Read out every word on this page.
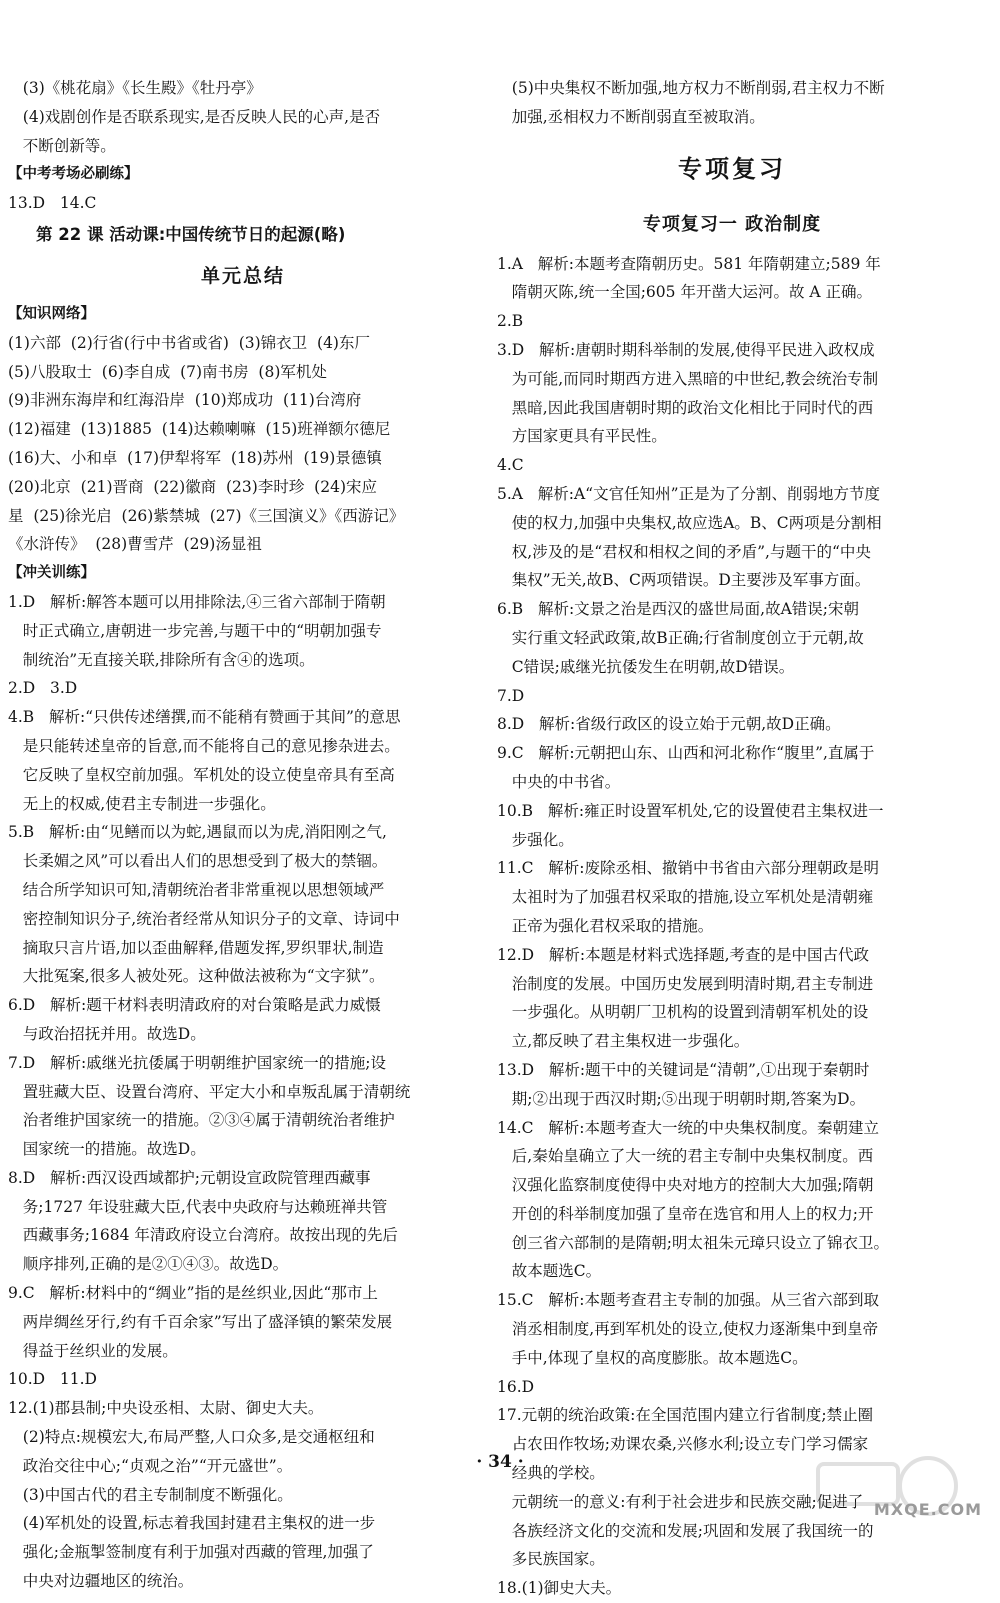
(3)《桃花扇》《长生殿》《牡丹亭》
(4)戏剧创作是否联系现实,是否反映人民的心声,是否
不断创新等。
【中考考场必刷练】
13.D   14.C
第 22 课 活动课:中国传统节日的起源(略)
单元总结
【知识网络】
(1)六部  (2)行省(行中书省或省)  (3)锦衣卫  (4)东厂
(5)八股取士  (6)李自成  (7)南书房  (8)军机处
(9)非洲东海岸和红海沿岸  (10)郑成功  (11)台湾府
(12)福建  (13)1885  (14)达赖喇嘛  (15)班禅额尔德尼
(16)大、小和卓  (17)伊犁将军  (18)苏州  (19)景德镇
(20)北京  (21)晋商  (22)徽商  (23)李时珍  (24)宋应
星  (25)徐光启  (26)紫禁城  (27)《三国演义》《西游记》
《水浒传》  (28)曹雪芹  (29)汤显祖
【冲关训练】
1.D   解析:解答本题可以用排除法,④三省六部制于隋朝
时正式确立,唐朝进一步完善,与题干中的“明朝加强专
制统治”无直接关联,排除所有含④的选项。
2.D   3.D
4.B   解析:“只供传述缮撰,而不能稍有赞画于其间”的意思
是只能转述皇帝的旨意,而不能将自己的意见掺杂进去。
它反映了皇权空前加强。军机处的设立使皇帝具有至高
无上的权威,使君主专制进一步强化。
5.B   解析:由“见鳝而以为蛇,遇鼠而以为虎,消阳刚之气,
长柔媚之风”可以看出人们的思想受到了极大的禁锢。
结合所学知识可知,清朝统治者非常重视以思想领域严
密控制知识分子,统治者经常从知识分子的文章、诗词中
摘取只言片语,加以歪曲解释,借题发挥,罗织罪状,制造
大批冤案,很多人被处死。这种做法被称为“文字狱”。
6.D   解析:题干材料表明清政府的对台策略是武力威慑
与政治招抚并用。故选D。
7.D   解析:戚继光抗倭属于明朝维护国家统一的措施;设
置驻藏大臣、设置台湾府、平定大小和卓叛乱属于清朝统
治者维护国家统一的措施。②③④属于清朝统治者维护
国家统一的措施。故选D。
8.D   解析:西汉设西域都护;元朝设宣政院管理西藏事
务;1727 年设驻藏大臣,代表中央政府与达赖班禅共管
西藏事务;1684 年清政府设立台湾府。故按出现的先后
顺序排列,正确的是②①④③。故选D。
9.C   解析:材料中的“绸业”指的是丝织业,因此“那市上
两岸绸丝牙行,约有千百余家”写出了盛泽镇的繁荣发展
得益于丝织业的发展。
10.D   11.D
12.(1)郡县制;中央设丞相、太尉、御史大夫。
(2)特点:规模宏大,布局严整,人口众多,是交通枢纽和
政治交往中心;“贞观之治”“开元盛世”。
(3)中国古代的君主专制制度不断强化。
(4)军机处的设置,标志着我国封建君主集权的进一步
强化;金瓶掣签制度有利于加强对西藏的管理,加强了
中央对边疆地区的统治。
(5)中央集权不断加强,地方权力不断削弱,君主权力不断
加强,丞相权力不断削弱直至被取消。
专项复习
专项复习一 政治制度
1.A   解析:本题考查隋朝历史。581 年隋朝建立;589 年
隋朝灭陈,统一全国;605 年开凿大运河。故 A 正确。
2.B
3.D   解析:唐朝时期科举制的发展,使得平民进入政权成
为可能,而同时期西方进入黑暗的中世纪,教会统治专制
黑暗,因此我国唐朝时期的政治文化相比于同时代的西
方国家更具有平民性。
4.C
5.A   解析:A“文官任知州”正是为了分割、削弱地方节度
使的权力,加强中央集权,故应选A。B、C两项是分割相
权,涉及的是“君权和相权之间的矛盾”,与题干的“中央
集权”无关,故B、C两项错误。D主要涉及军事方面。
6.B   解析:文景之治是西汉的盛世局面,故A错误;宋朝
实行重文轻武政策,故B正确;行省制度创立于元朝,故
C错误;戚继光抗倭发生在明朝,故D错误。
7.D
8.D   解析:省级行政区的设立始于元朝,故D正确。
9.C   解析:元朝把山东、山西和河北称作“腹里”,直属于
中央的中书省。
10.B   解析:雍正时设置军机处,它的设置使君主集权进一
步强化。
11.C   解析:废除丞相、撤销中书省由六部分理朝政是明
太祖时为了加强君权采取的措施,设立军机处是清朝雍
正帝为强化君权采取的措施。
12.D   解析:本题是材料式选择题,考查的是中国古代政
治制度的发展。中国历史发展到明清时期,君主专制进
一步强化。从明朝厂卫机构的设置到清朝军机处的设
立,都反映了君主集权进一步强化。
13.D   解析:题干中的关键词是“清朝”,①出现于秦朝时
期;②出现于西汉时期;⑤出现于明朝时期,答案为D。
14.C   解析:本题考查大一统的中央集权制度。秦朝建立
后,秦始皇确立了大一统的君主专制中央集权制度。西
汉强化监察制度使得中央对地方的控制大大加强;隋朝
开创的科举制度加强了皇帝在选官和用人上的权力;开
创三省六部制的是隋朝;明太祖朱元璋只设立了锦衣卫。
故本题选C。
15.C   解析:本题考查君主专制的加强。从三省六部到取
消丞相制度,再到军机处的设立,使权力逐渐集中到皇帝
手中,体现了皇权的高度膨胀。故本题选C。
16.D
17.元朝的统治政策:在全国范围内建立行省制度;禁止圈
占农田作牧场;劝课农桑,兴修水利;设立专门学习儒家
经典的学校。
元朝统一的意义:有利于社会进步和民族交融;促进了
各族经济文化的交流和发展;巩固和发展了我国统一的
多民族国家。
18.(1)御史大夫。
· 34 ·
MXQE.COM
